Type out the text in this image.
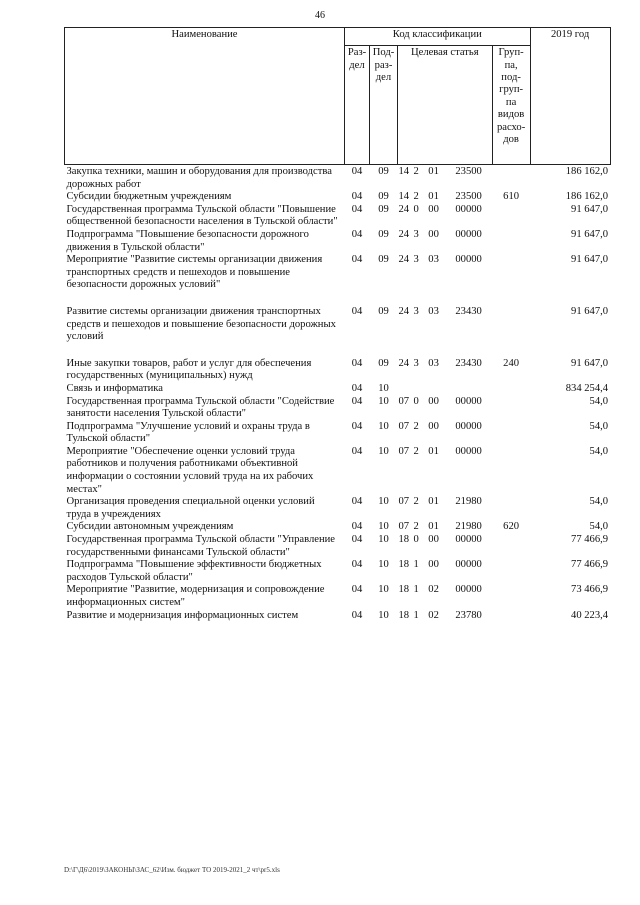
46
Наименование	Код классификации							2019 год
	Раз-дел	Под-раз-дел	Целевая статья				Груп-па, под-груп-па видов расхо-дов	
Закупка техники, машин и оборудования для производства дорожных работ	04	09	14	2	01	23500		186 162,0
Субсидии бюджетным учреждениям	04	09	14	2	01	23500	610	186 162,0
Государственная программа Тульской области "Повышение общественной безопасности населения в Тульской области"	04	09	24	0	00	00000		91 647,0
Подпрограмма "Повышение безопасности дорожного движения в Тульской области"	04	09	24	3	00	00000		91 647,0
Мероприятие "Развитие системы организации движения транспортных средств и пешеходов и повышение безопасности дорожных условий"	04	09	24	3	03	00000		91 647,0
Развитие системы организации движения транспортных средств и пешеходов и повышение безопасности дорожных условий	04	09	24	3	03	23430		91 647,0
Иные закупки товаров, работ и услуг для обеспечения государственных (муниципальных) нужд	04	09	24	3	03	23430	240	91 647,0
Связь и информатика	04	10						834 254,4
Государственная программа Тульской области "Содействие занятости населения Тульской области"	04	10	07	0	00	00000		54,0
Подпрограмма "Улучшение условий и охраны труда в Тульской области"	04	10	07	2	00	00000		54,0
Мероприятие "Обеспечение оценки условий труда работников и получения работниками объективной информации о состоянии условий труда на их рабочих местах"	04	10	07	2	01	00000		54,0
Организация проведения специальной оценки условий труда в учреждениях	04	10	07	2	01	21980		54,0
Субсидии автономным учреждениям	04	10	07	2	01	21980	620	54,0
Государственная программа Тульской области "Управление государственными финансами Тульской области"	04	10	18	0	00	00000		77 466,9
Подпрограмма "Повышение эффективности бюджетных расходов Тульской области"	04	10	18	1	00	00000		77 466,9
Мероприятие "Развитие, модернизация и сопровождение информационных систем"	04	10	18	1	02	00000		73 466,9
Развитие и модернизация информационных систем	04	10	18	1	02	23780		40 223,4
D:\Г\Д6\2019\ЗАКОНЫ\ЗАС_62\Изм. бюджет ТО 2019-2021_2 чт\pr5.xls
